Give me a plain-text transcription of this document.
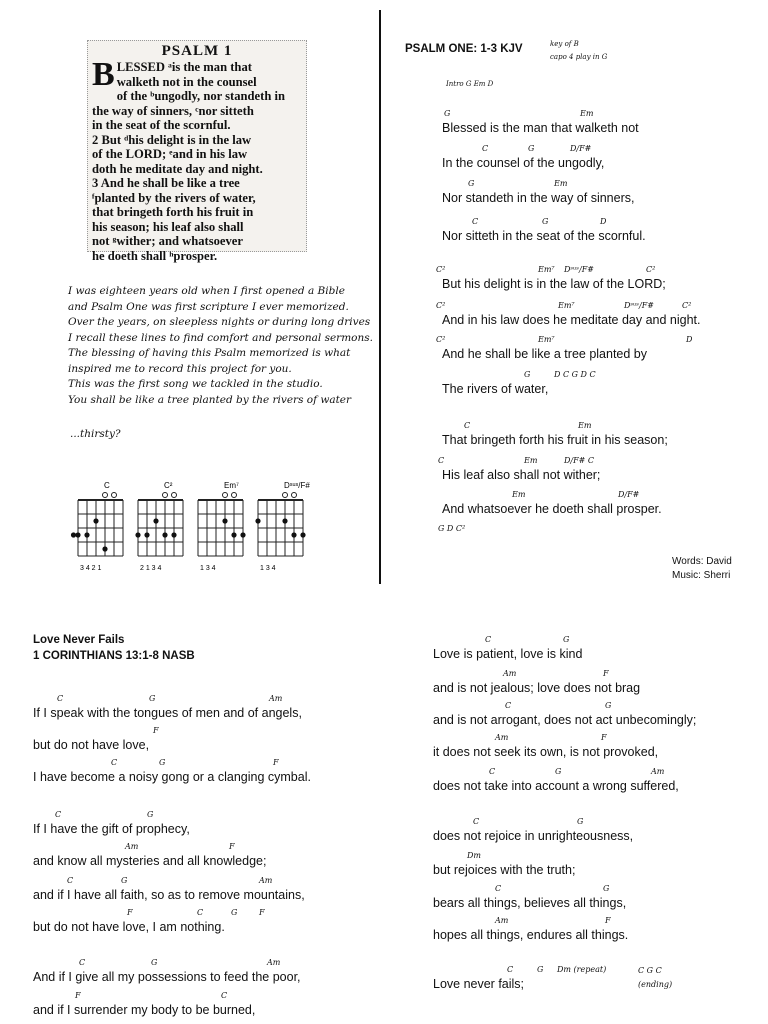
PSALM 1
B LESSED ᵃis the man that
walketh not in the counsel
of the ᵇungodly, nor standeth in
the way of sinners, ᶜnor sitteth
in the seat of the scornful.
2 But ᵈhis delight is in the law
of the LORD; ᵉand in his law
doth he meditate day and night.
3 And he shall be like a tree
ᶠplanted by the rivers of water,
that bringeth forth his fruit in
his season; his leaf also shall
not ᵍwither; and whatsoever
he doeth shall ʰprosper.
I was eighteen years old when I first opened a Bible
and Psalm One was first scripture I ever memorized.
Over the years, on sleepless nights or during long drives
I recall these lines to find comfort and personal sermons.
The blessing of having this Psalm memorized is what
inspired me to record this project for you.
This was the first song we tackled in the studio.
You shall be like a tree planted by the rivers of water
...thirsty?
C
3 4 2 1
C²
2 1 3 4
Em⁷
1 3 4
Dˢᵘˢ/F#
1 3 4
PSALM ONE: 1-3 KJV	key of B
capo 4 play in G
Intro G Em D
Blessed is the man that walketh not
G	Em
In the counsel of the ungodly,
C	G	D/F#
Nor standeth in the way of sinners,
G	Em
Nor sitteth in the seat of the scornful.
C	G	D
But his delight is in the law of the LORD;
C²	Em⁷ Dˢᵘˢ/F#	C²
And in his law does he meditate day and night.
C²	Em⁷	Dˢᵘˢ/F#	C²
And he shall be like a tree planted by
C²	Em⁷	D
The rivers of water,
G	D C G D C
That bringeth forth his fruit in his season;
C	Em
His leaf also shall not wither;
C	Em	D/F# C
And whatsoever he doeth shall prosper.
Em	D/F#
G D C²
Words: David
Music: Sherri
Love Never Fails
1 CORINTHIANS 13:1-8 NASB
If I speak with the tongues of men and of angels,
C	G	Am
but do not have love,
F
I have become a noisy gong or a clanging cymbal.
C	G	F
If I have the gift of prophecy,
C	G
and know all mysteries and all knowledge;
Am	F
and if I have all faith, so as to remove mountains,
C	G	Am
but do not have love, I am nothing.
F	C	G	F
And if I give all my possessions to feed the poor,
C	G	Am
and if I surrender my body to be burned,
F	C
Love is patient, love is kind
C	G
and is not jealous; love does not brag
Am	F
and is not arrogant, does not act unbecomingly;
C	G
it does not seek its own, is not provoked,
Am	F
does not take into account a wrong suffered,
C	G	Am
does not rejoice in unrighteousness,
C	G
but rejoices with the truth;
Dm
bears all things, believes all things,
C	G
hopes all things, endures all things.
Am	F
Love never fails;
C	G Dm (repeat)	C G C
(ending)
